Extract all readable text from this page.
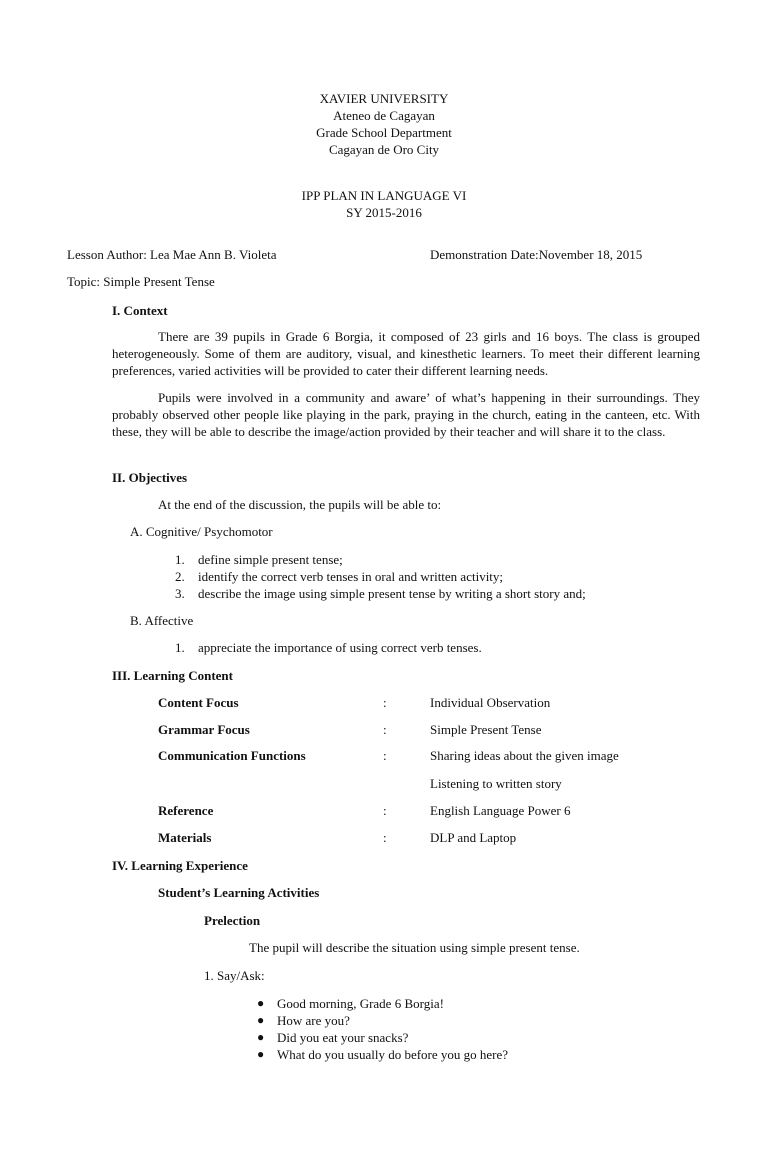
XAVIER UNIVERSITY
Ateneo de Cagayan
Grade School Department
Cagayan de Oro City
IPP PLAN IN LANGUAGE VI
SY 2015-2016
Lesson Author: Lea Mae Ann B. Violeta	Demonstration Date:November 18, 2015
Topic: Simple Present Tense
I. Context
There are 39 pupils in Grade 6 Borgia, it composed of 23 girls and 16 boys. The class is grouped heterogeneously. Some of them are auditory, visual, and kinesthetic learners. To meet their different learning preferences, varied activities will be provided to cater their different learning needs.
Pupils were involved in a community and aware’ of what’s happening in their surroundings. They probably observed other people like playing in the park, praying in the church, eating in the canteen, etc. With these, they will be able to describe the image/action provided by their teacher and will share it to the class.
II. Objectives
At the end of the discussion, the pupils will be able to:
A. Cognitive/ Psychomotor
1. define simple present tense;
2. identify the correct verb tenses in oral and written activity;
3. describe the image using simple present tense by writing a short story and;
B. Affective
1. appreciate the importance of using correct verb tenses.
III. Learning Content
Content Focus	:	Individual Observation
Grammar Focus	:	Simple Present Tense
Communication Functions	:	Sharing ideas about the given image
Listening to written story
Reference	:	English Language Power 6
Materials	:	DLP and Laptop
IV. Learning Experience
Student’s Learning Activities
Prelection
The pupil will describe the situation using simple present tense.
1. Say/Ask:
● Good morning, Grade 6 Borgia!
● How are you?
● Did you eat your snacks?
● What do you usually do before you go here?
